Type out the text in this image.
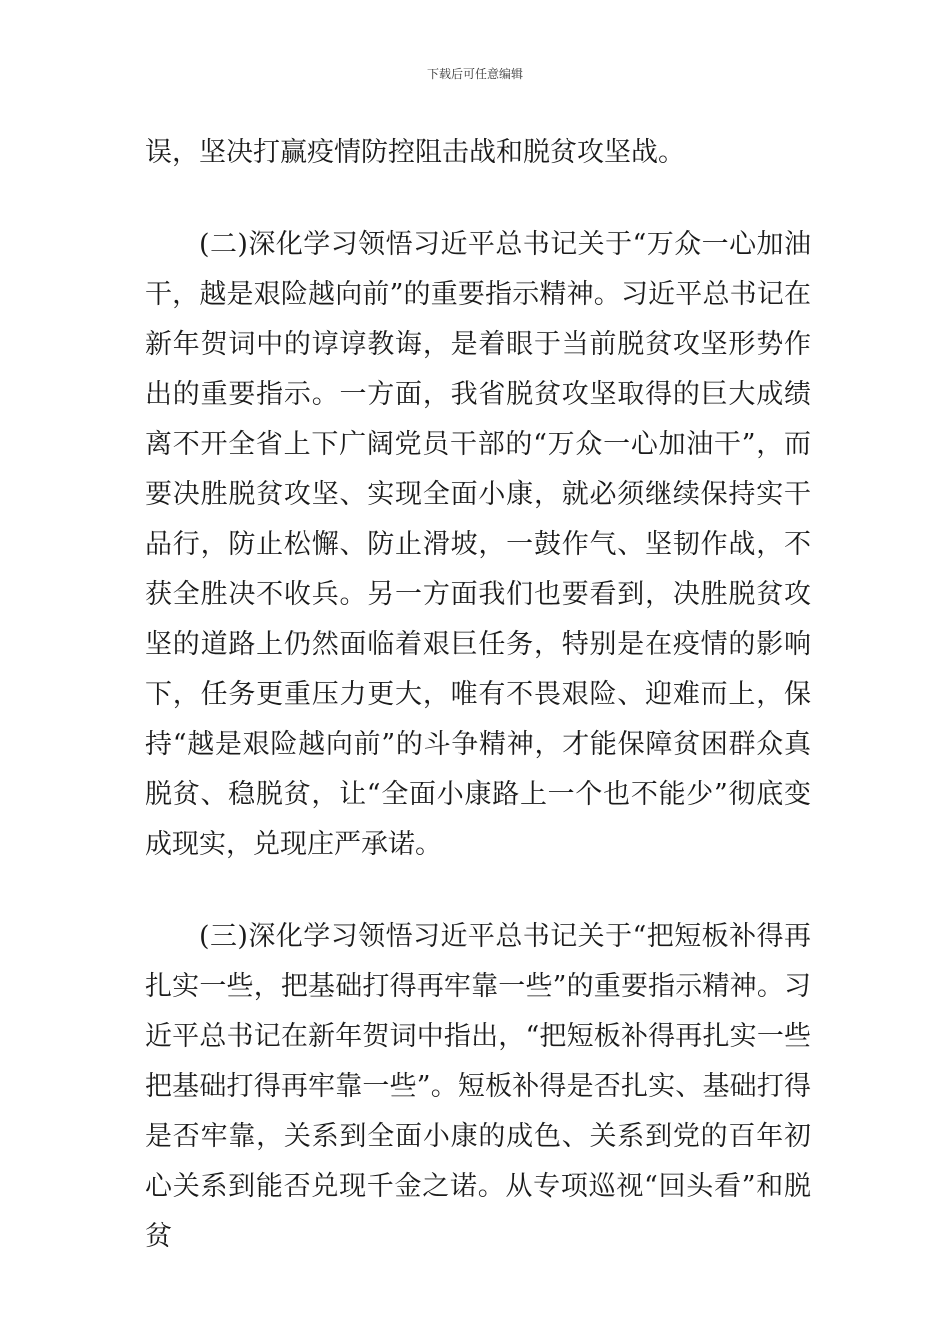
下载后可任意编辑

误，坚决打赢疫情防控阻击战和脱贫攻坚战。

(二)深化学习领悟习近平总书记关于“万众一心加油干，越是艰险越向前”的重要指示精神。习近平总书记在新年贺词中的谆谆教诲，是着眼于当前脱贫攻坚形势作出的重要指示。一方面，我省脱贫攻坚取得的巨大成绩离不开全省上下广阔党员干部的“万众一心加油干”，而要决胜脱贫攻坚、实现全面小康，就必须继续保持实干品行，防止松懈、防止滑坡，一鼓作气、坚韧作战，不获全胜决不收兵。另一方面我们也要看到，决胜脱贫攻坚的道路上仍然面临着艰巨任务，特别是在疫情的影响下，任务更重压力更大，唯有不畏艰险、迎难而上，保持“越是艰险越向前”的斗争精神，才能保障贫困群众真脱贫、稳脱贫，让“全面小康路上一个也不能少”彻底变成现实，兑现庄严承诺。

(三)深化学习领悟习近平总书记关于“把短板补得再扎实一些，把基础打得再牢靠一些”的重要指示精神。习近平总书记在新年贺词中指出，“把短板补得再扎实一些把基础打得再牢靠一些”。短板补得是否扎实、基础打得是否牢靠，关系到全面小康的成色、关系到党的百年初心关系到能否兑现千金之诺。从专项巡视“回头看”和脱贫
